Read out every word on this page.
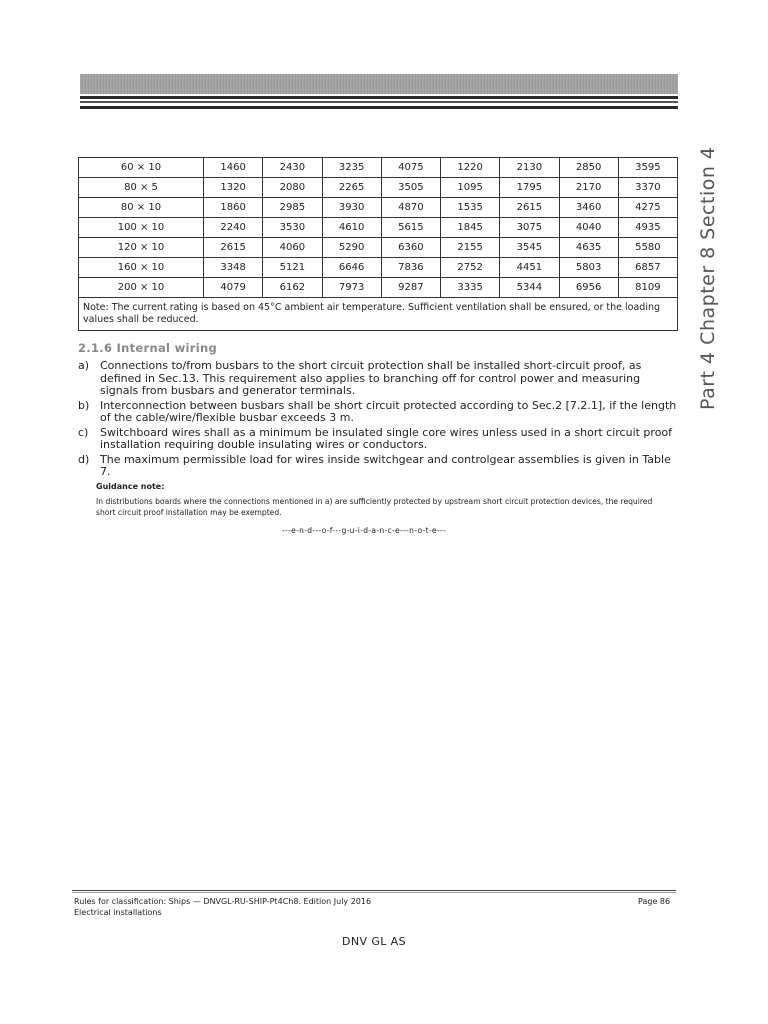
60 × 10	1460	2430	3235	4075	1220	2130	2850	3595
80 × 5	1320	2080	2265	3505	1095	1795	2170	3370
80 × 10	1860	2985	3930	4870	1535	2615	3460	4275
100 × 10	2240	3530	4610	5615	1845	3075	4040	4935
120 × 10	2615	4060	5290	6360	2155	3545	4635	5580
160 × 10	3348	5121	6646	7836	2752	4451	5803	6857
200 × 10	4079	6162	7973	9287	3335	5344	6956	8109
Note: The current rating is based on 45°C ambient air temperature. Sufficient ventilation shall be ensured, or the loading values shall be reduced.									Part 4 Chapter 8 Section 4
2.1.6 Internal wiring
a) Connections to/from busbars to the short circuit protection shall be installed short-circuit proof, as defined in Sec.13. This requirement also applies to branching off for control power and measuring signals from busbars and generator terminals.
b) Interconnection between busbars shall be short circuit protected according to Sec.2 [7.2.1], if the length of the cable/wire/flexible busbar exceeds 3 m.
c) Switchboard wires shall as a minimum be insulated single core wires unless used in a short circuit proof installation requiring double insulating wires or conductors.
d) The maximum permissible load for wires inside switchgear and controlgear assemblies is given in Table 7.
Guidance note:
In distributions boards where the connections mentioned in a) are sufficiently protected by upstream short circuit protection devices, the required short circuit proof installation may be exempted.
---e-n-d---o-f---g-u-i-d-a-n-c-e---n-o-t-e---
Rules for classification: Ships — DNVGL-RU-SHIP-Pt4Ch8. Edition July 2016
Electrical installations
Page 86
DNV GL AS
